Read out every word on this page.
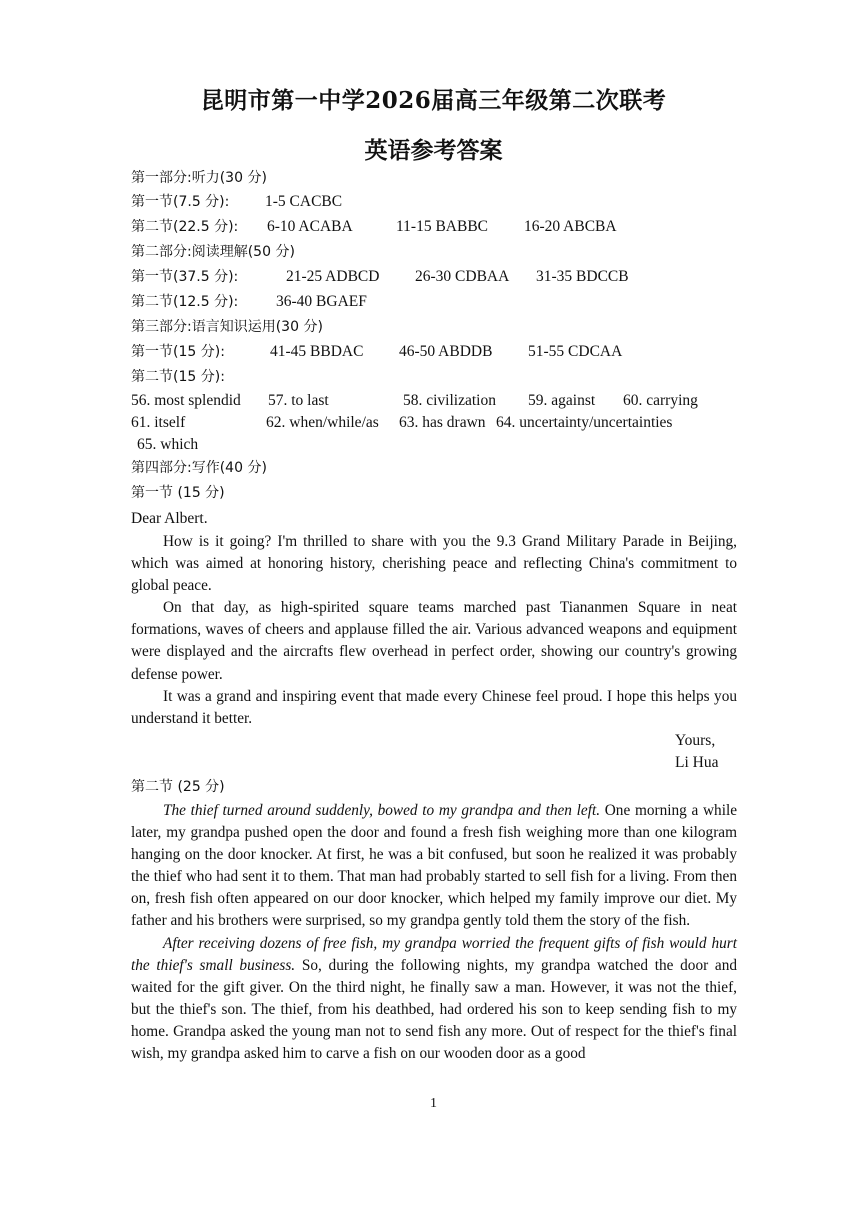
昆明市第一中学2026届高三年级第二次联考
英语参考答案
第一部分:听力(30 分)
第一节(7.5 分): 1-5 CACBC
第二节(22.5 分): 6-10 ACABA	11-15 BABBC 16-20 ABCBA
第二部分:阅读理解(50 分)
第一节(37.5 分):	21-25 ADBCD 26-30 CDBAA 31-35 BDCCB
第二节(12.5 分): 36-40 BGAEF
第三部分:语言知识运用(30 分)
第一节(15 分):	41-45 BBDAC 46-50 ABDDB 51-55 CDCAA
第二节(15 分):
56. most splendid 57. to last	58. civilization 59. against 60. carrying
61. itself	62. when/while/as 63. has drawn 64. uncertainty/uncertainties
65. which
第四部分:写作(40 分)
第一节 (15 分)
Dear Albert.

How is it going? I'm thrilled to share with you the 9.3 Grand Military Parade in Beijing, which was aimed at honoring history, cherishing peace and reflecting China's commitment to global peace.

On that day, as high-spirited square teams marched past Tiananmen Square in neat formations, waves of cheers and applause filled the air. Various advanced weapons and equipment were displayed and the aircrafts flew overhead in perfect order, showing our country's growing defense power.

It was a grand and inspiring event that made every Chinese feel proud. I hope this helps you understand it better.

Yours,
Li Hua
第二节 (25 分)

The thief turned around suddenly, bowed to my grandpa and then left. One morning a while later, my grandpa pushed open the door and found a fresh fish weighing more than one kilogram hanging on the door knocker. At first, he was a bit confused, but soon he realized it was probably the thief who had sent it to them. That man had probably started to sell fish for a living. From then on, fresh fish often appeared on our door knocker, which helped my family improve our diet. My father and his brothers were surprised, so my grandpa gently told them the story of the fish.

After receiving dozens of free fish, my grandpa worried the frequent gifts of fish would hurt the thief's small business. So, during the following nights, my grandpa watched the door and waited for the gift giver. On the third night, he finally saw a man. However, it was not the thief, but the thief's son. The thief, from his deathbed, had ordered his son to keep sending fish to my home. Grandpa asked the young man not to send fish any more. Out of respect for the thief's final wish, my grandpa asked him to carve a fish on our wooden door as a good

1
